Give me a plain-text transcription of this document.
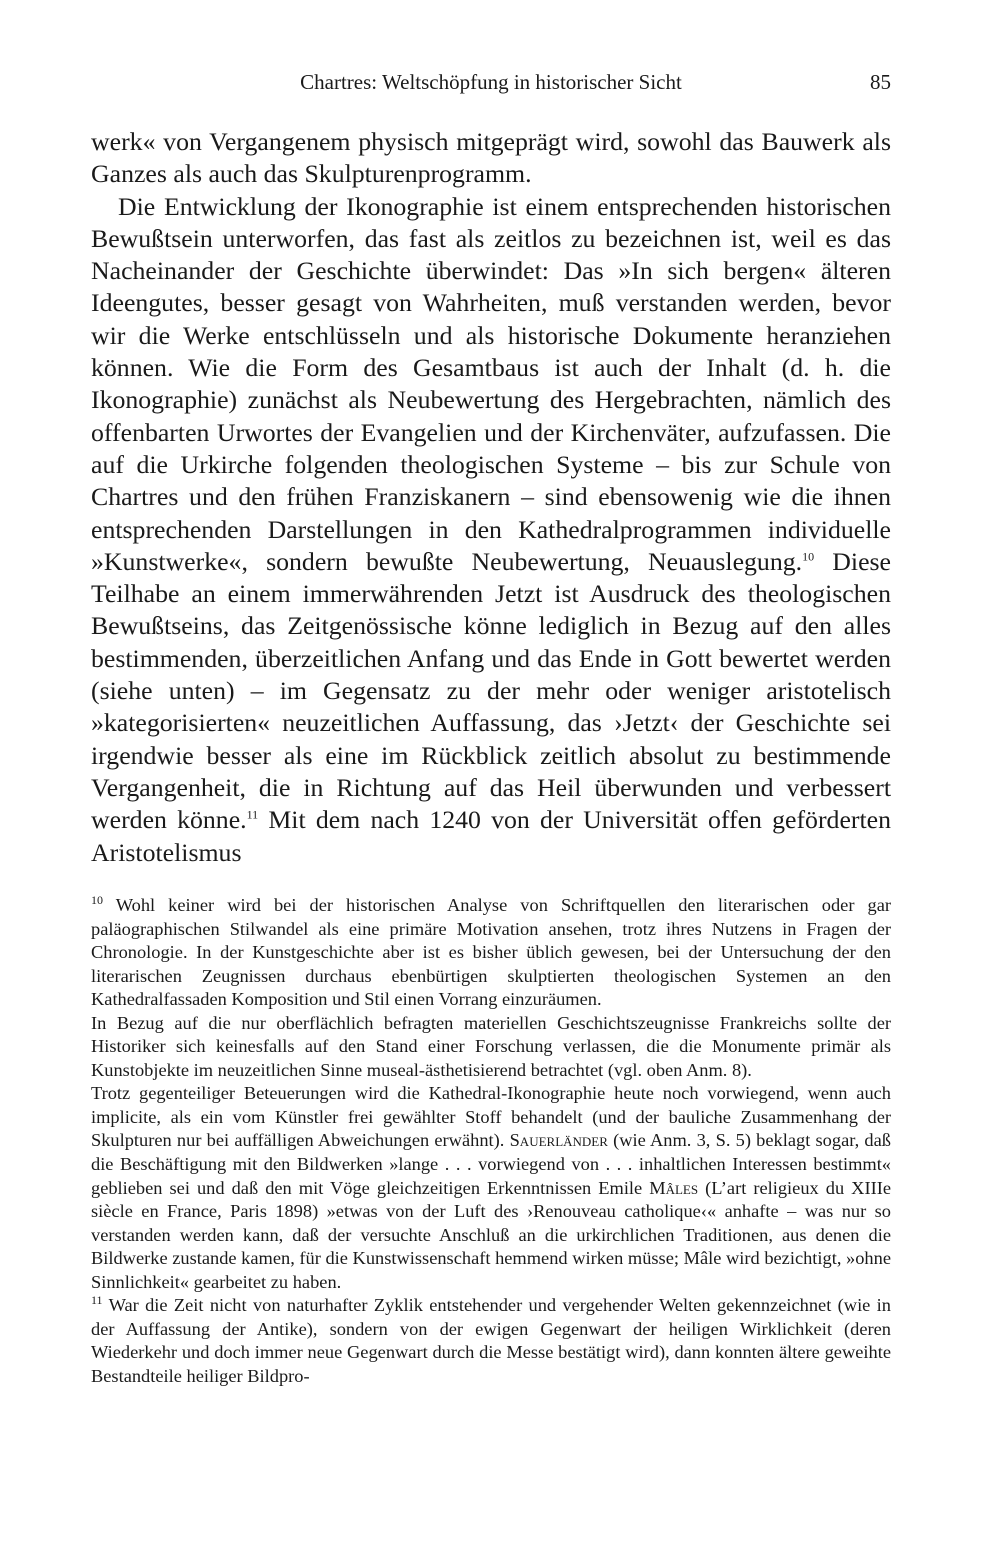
Chartres: Weltschöpfung in historischer Sicht	85

werk« von Vergangenem physisch mitgeprägt wird, sowohl das Bauwerk als Ganzes als auch das Skulpturenprogramm.

Die Entwicklung der Ikonographie ist einem entsprechenden historischen Bewußtsein unterworfen, das fast als zeitlos zu bezeichnen ist, weil es das Nacheinander der Geschichte überwindet: Das »In sich bergen« älteren Ideengutes, besser gesagt von Wahrheiten, muß verstanden werden, bevor wir die Werke entschlüsseln und als historische Dokumente heranziehen können. Wie die Form des Gesamtbaus ist auch der Inhalt (d. h. die Ikonographie) zunächst als Neubewertung des Hergebrachten, nämlich des offenbarten Urwortes der Evangelien und der Kirchenväter, aufzufassen. Die auf die Urkirche folgenden theologischen Systeme – bis zur Schule von Chartres und den frühen Franziskanern – sind ebensowenig wie die ihnen entsprechenden Darstellungen in den Kathedralprogrammen individuelle »Kunstwerke«, sondern bewußte Neubewertung, Neuauslegung.$^{10}$ Diese Teilhabe an einem immerwährenden Jetzt ist Ausdruck des theologischen Bewußtseins, das Zeitgenössische könne lediglich in Bezug auf den alles bestimmenden, überzeitlichen Anfang und das Ende in Gott bewertet werden (siehe unten) – im Gegensatz zu der mehr oder weniger aristotelisch »kategorisierten« neuzeitlichen Auffassung, das ›Jetzt‹ der Geschichte sei irgendwie besser als eine im Rückblick zeitlich absolut zu bestimmende Vergangenheit, die in Richtung auf das Heil überwunden und verbessert werden könne.$^{11}$ Mit dem nach 1240 von der Universität offen geförderten Aristotelismus

$^{10}$ Wohl keiner wird bei der historischen Analyse von Schriftquellen den literarischen oder gar paläographischen Stilwandel als eine primäre Motivation ansehen, trotz ihres Nutzens in Fragen der Chronologie. In der Kunstgeschichte aber ist es bisher üblich gewesen, bei der Untersuchung der den literarischen Zeugnissen durchaus ebenbürtigen skulptierten theologischen Systemen an den Kathedralfassaden Komposition und Stil einen Vorrang einzuräumen.

In Bezug auf die nur oberflächlich befragten materiellen Geschichtszeugnisse Frankreichs sollte der Historiker sich keinesfalls auf den Stand einer Forschung verlassen, die die Monumente primär als Kunstobjekte im neuzeitlichen Sinne museal-ästhetisierend betrachtet (vgl. oben Anm. 8).

Trotz gegenteiliger Beteuerungen wird die Kathedral-Ikonographie heute noch vorwiegend, wenn auch implicite, als ein vom Künstler frei gewählter Stoff behandelt (und der bauliche Zusammenhang der Skulpturen nur bei auffälligen Abweichungen erwähnt). Sauerländer (wie Anm. 3, S. 5) beklagt sogar, daß die Beschäftigung mit den Bildwerken »lange . . . vorwiegend von . . . inhaltlichen Interessen bestimmt« geblieben sei und daß den mit Vöge gleichzeitigen Erkenntnissen Emile Mâles (L’art religieux du XIIIe siècle en France, Paris 1898) »etwas von der Luft des ›Renouveau catholique‹« anhafte – was nur so verstanden werden kann, daß der versuchte Anschluß an die urkirchlichen Traditionen, aus denen die Bildwerke zustande kamen, für die Kunstwissenschaft hemmend wirken müsse; Mâle wird bezichtigt, »ohne Sinnlichkeit« gearbeitet zu haben.

$^{11}$ War die Zeit nicht von naturhafter Zyklik entstehender und vergehender Welten gekennzeichnet (wie in der Auffassung der Antike), sondern von der ewigen Gegenwart der heiligen Wirklichkeit (deren Wiederkehr und doch immer neue Gegenwart durch die Messe bestätigt wird), dann konnten ältere geweihte Bestandteile heiliger Bildpro-
